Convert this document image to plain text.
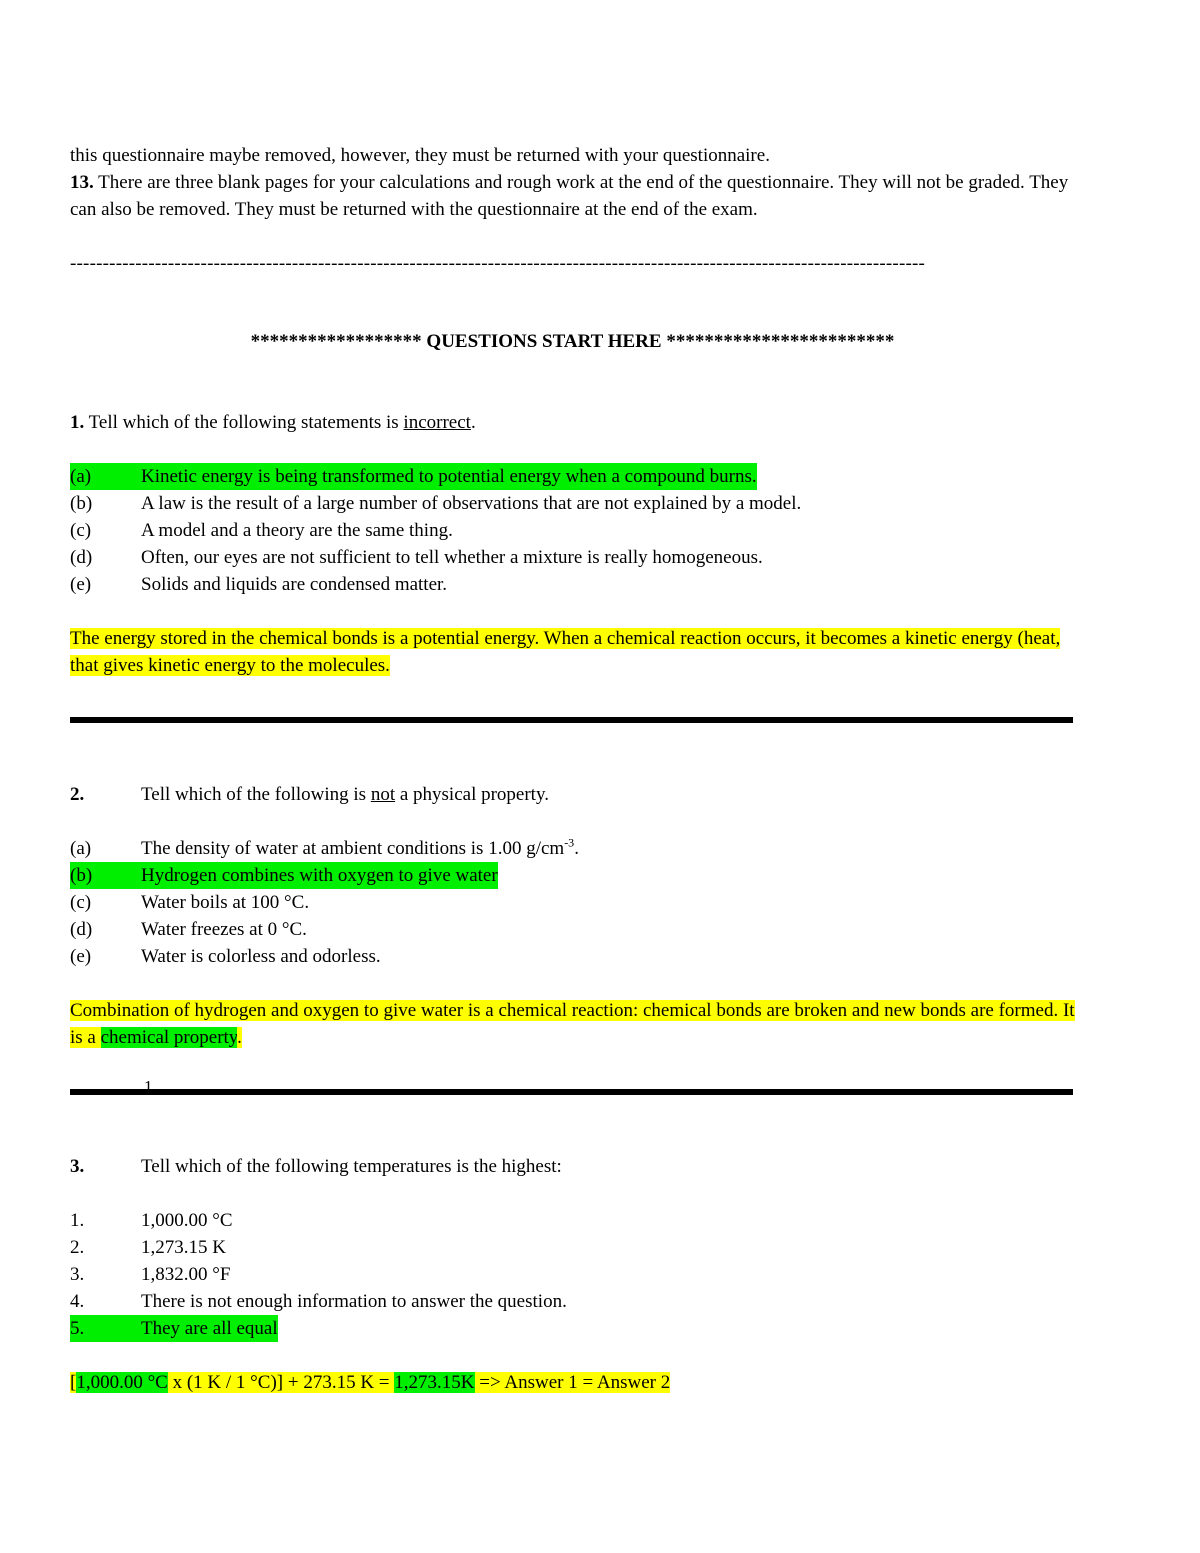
this questionnaire maybe removed, however, they must be returned with your questionnaire.

13. There are three blank pages for your calculations and rough work at the end of the questionnaire. They will not be graded. They can also be removed. They must be returned with the questionnaire at the end of the exam.

-----------------------------------------------------------------------------------------------------------------------------------
****************** QUESTIONS START HERE ************************

1. Tell which of the following statements is incorrect.

(a)	Kinetic energy is being transformed to potential energy when a compound burns.
(b)	A law is the result of a large number of observations that are not explained by a model.
(c)	A model and a theory are the same thing.
(d)	Often, our eyes are not sufficient to tell whether a mixture is really homogeneous.
(e)	Solids and liquids are condensed matter.

The energy stored in the chemical bonds is a potential energy. When a chemical reaction occurs, it becomes a kinetic energy (heat, that gives kinetic energy to the molecules.

2.	Tell which of the following is not a physical property.

(a)	The density of water at ambient conditions is 1.00 $g/cm^{-3}$.
(b)	Hydrogen combines with oxygen to give water
(c)	Water boils at 100 °C.
(d)	Water freezes at 0 °C.
(e)	Water is colorless and odorless.

Combination of hydrogen and oxygen to give water is a chemical reaction: chemical bonds are broken and new bonds are formed. It is a chemical property.

3.	Tell which of the following temperatures is the highest:

1.	1,000.00 °C
2.	1,273.15 K
3.	1,832.00 °F
4.	There is not enough information to answer the question.
5.	They are all equal

[1,000.00 °C x (1 K / 1 °C)] + 273.15 K = 1,273.15K => Answer 1 = Answer 2

1
